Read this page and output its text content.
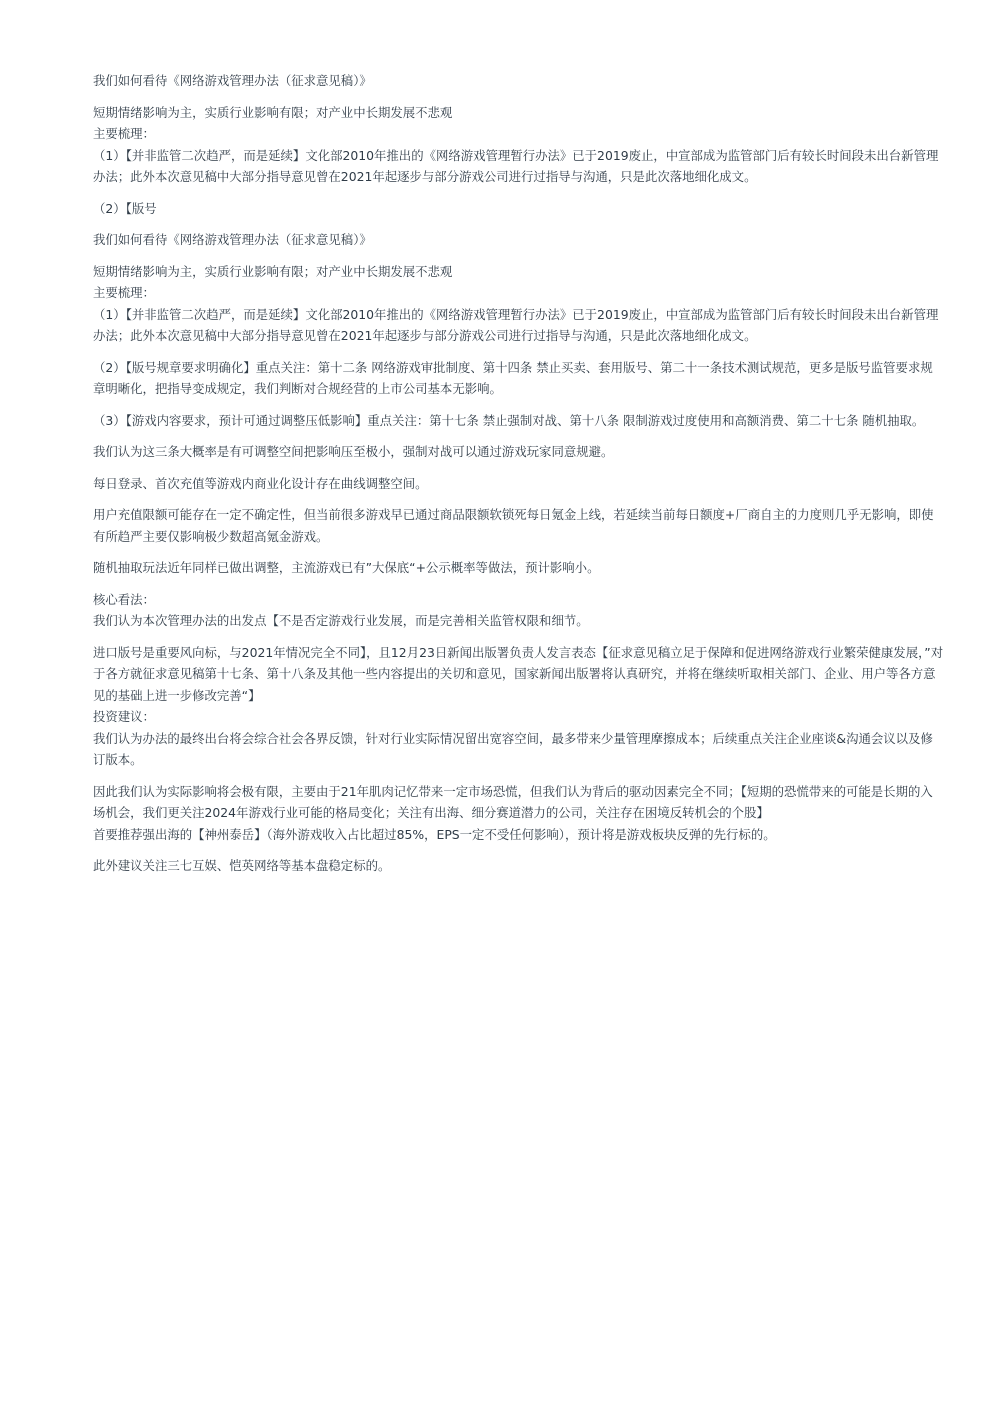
我们如何看待《网络游戏管理办法（征求意见稿）》

短期情绪影响为主，实质行业影响有限；对产业中长期发展不悲观

主要梳理：

（1）【并非监管二次趋严，而是延续】文化部2010年推出的《网络游戏管理暂行办法》已于2019废止，中宣部成为监管部门后有较长时间段未出台新管理办法；此外本次意见稿中大部分指导意见曾在2021年起逐步与部分游戏公司进行过指导与沟通，只是此次落地细化成文。

（2）【版号

我们如何看待《网络游戏管理办法（征求意见稿）》

短期情绪影响为主，实质行业影响有限；对产业中长期发展不悲观

主要梳理：

（1）【并非监管二次趋严，而是延续】文化部2010年推出的《网络游戏管理暂行办法》已于2019废止，中宣部成为监管部门后有较长时间段未出台新管理办法；此外本次意见稿中大部分指导意见曾在2021年起逐步与部分游戏公司进行过指导与沟通，只是此次落地细化成文。

（2）【版号规章要求明确化】重点关注：第十二条 网络游戏审批制度、第十四条 禁止买卖、套用版号、第二十一条技术测试规范，更多是版号监管要求规章明晰化，把指导变成规定，我们判断对合规经营的上市公司基本无影响。

（3）【游戏内容要求，预计可通过调整压低影响】重点关注：第十七条 禁止强制对战、第十八条 限制游戏过度使用和高额消费、第二十七条 随机抽取。

我们认为这三条大概率是有可调整空间把影响压至极小，强制对战可以通过游戏玩家同意规避。

每日登录、首次充值等游戏内商业化设计存在曲线调整空间。

用户充值限额可能存在一定不确定性，但当前很多游戏早已通过商品限额软锁死每日氪金上线，若延续当前每日额度+厂商自主的力度则几乎无影响，即使有所趋严主要仅影响极少数超高氪金游戏。

随机抽取玩法近年同样已做出调整，主流游戏已有”大保底“+公示概率等做法，预计影响小。

核心看法：

我们认为本次管理办法的出发点【不是否定游戏行业发展，而是完善相关监管权限和细节。

进口版号是重要风向标，与2021年情况完全不同】，且12月23日新闻出版署负责人发言表态【征求意见稿立足于保障和促进网络游戏行业繁荣健康发展，”对于各方就征求意见稿第十七条、第十八条及其他一些内容提出的关切和意见，国家新闻出版署将认真研究，并将在继续听取相关部门、企业、用户等各方意见的基础上进一步修改完善“】

投资建议：

我们认为办法的最终出台将会综合社会各界反馈，针对行业实际情况留出宽容空间，最多带来少量管理摩擦成本；后续重点关注企业座谈&沟通会议以及修订版本。

因此我们认为实际影响将会极有限，主要由于21年肌肉记忆带来一定市场恐慌，但我们认为背后的驱动因素完全不同；【短期的恐慌带来的可能是长期的入场机会，我们更关注2024年游戏行业可能的格局变化；关注有出海、细分赛道潜力的公司，关注存在困境反转机会的个股】

首要推荐强出海的【神州泰岳】（海外游戏收入占比超过85%，EPS一定不受任何影响），预计将是游戏板块反弹的先行标的。

此外建议关注三七互娱、恺英网络等基本盘稳定标的。
